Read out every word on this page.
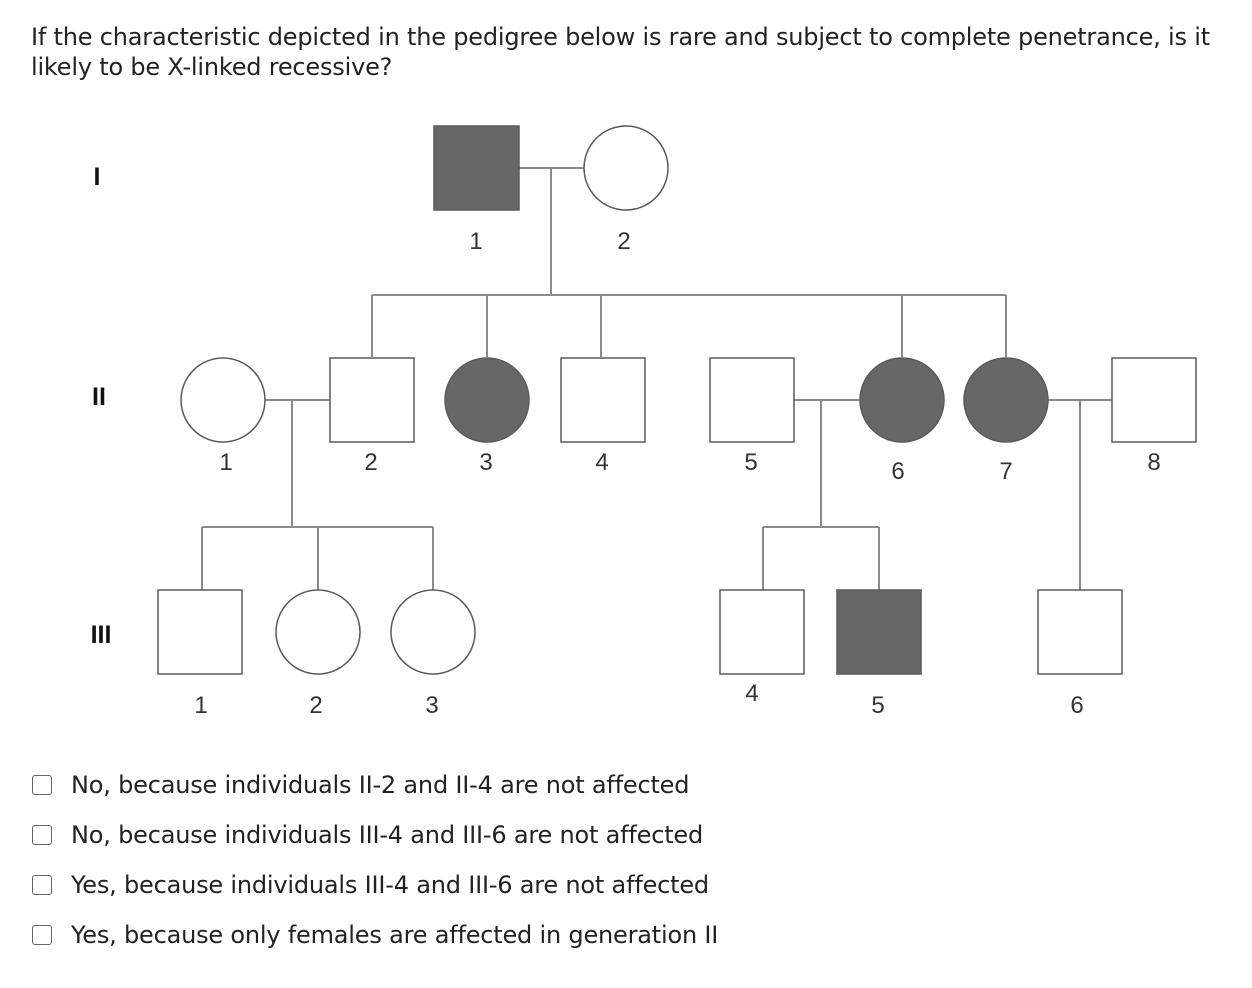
If the characteristic depicted in the pedigree below is rare and subject to complete penetrance, is it likely to be X-linked recessive?

I
II
III
1	2
1	2	3	4	5	6	7	8
1	2	3	4	5	6
No, because individuals II-2 and II-4 are not affected
No, because individuals III-4 and III-6 are not affected
Yes, because individuals III-4 and III-6 are not affected
Yes, because only females are affected in generation II
